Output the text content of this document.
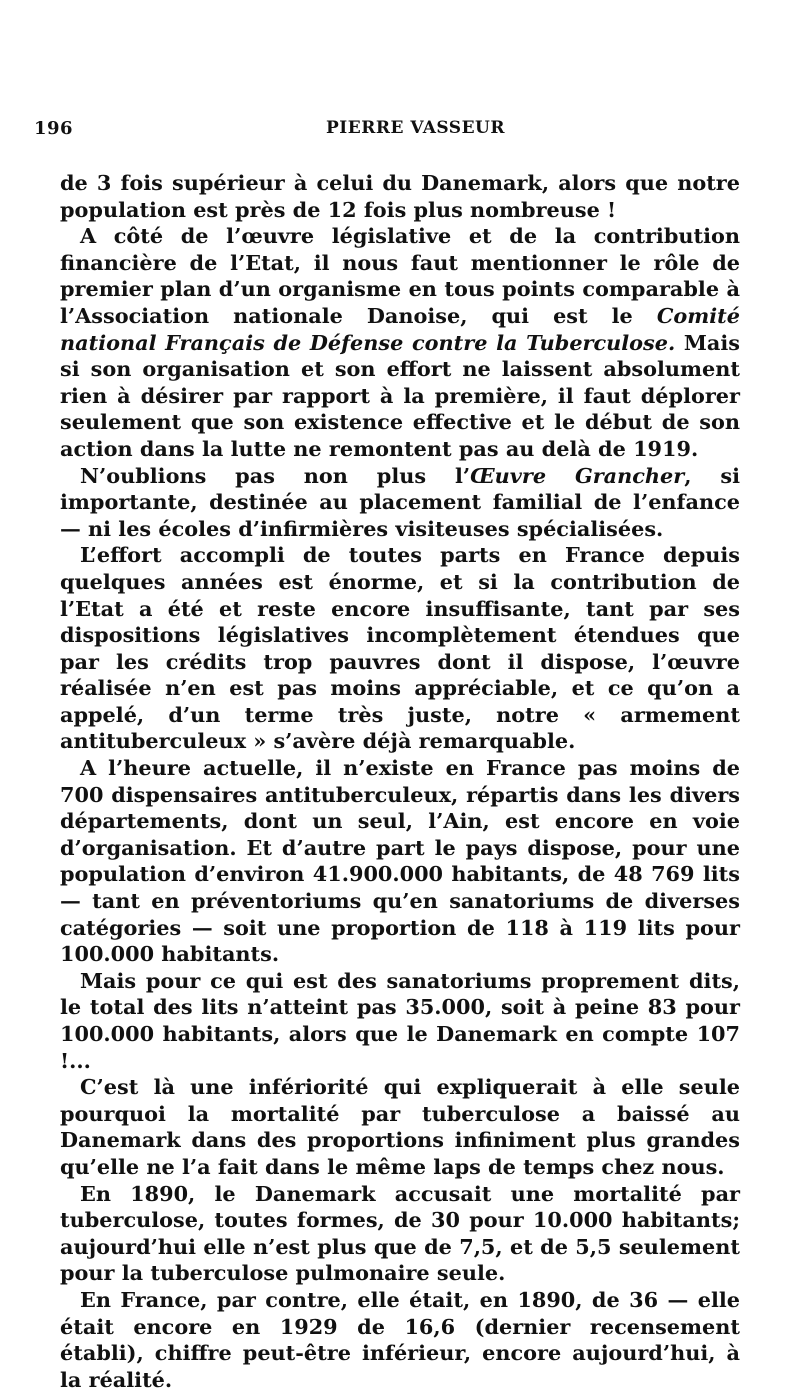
196	PIERRE VASSEUR

de 3 fois supérieur à celui du Danemark, alors que notre population est près de 12 fois plus nombreuse !

A côté de l’œuvre législative et de la contribution financière de l’Etat, il nous faut mentionner le rôle de premier plan d’un organisme en tous points comparable à l’Association nationale Danoise, qui est le Comité national Français de Défense contre la Tuberculose. Mais si son organisation et son effort ne laissent absolument rien à désirer par rapport à la première, il faut déplorer seulement que son existence effective et le début de son action dans la lutte ne remontent pas au delà de 1919.

N’oublions pas non plus l’Œuvre Grancher, si importante, destinée au placement familial de l’enfance — ni les écoles d’infirmières visiteuses spécialisées.

L’effort accompli de toutes parts en France depuis quelques années est énorme, et si la contribution de l’Etat a été et reste encore insuffisante, tant par ses dispositions législatives incomplètement étendues que par les crédits trop pauvres dont il dispose, l’œuvre réalisée n’en est pas moins appréciable, et ce qu’on a appelé, d’un terme très juste, notre « armement antituberculeux » s’avère déjà remarquable.

A l’heure actuelle, il n’existe en France pas moins de 700 dispensaires antituberculeux, répartis dans les divers départements, dont un seul, l’Ain, est encore en voie d’organisation. Et d’autre part le pays dispose, pour une population d’environ 41.900.000 habitants, de 48 769 lits — tant en préventoriums qu’en sanatoriums de diverses catégories — soit une proportion de 118 à 119 lits pour 100.000 habitants.

Mais pour ce qui est des sanatoriums proprement dits, le total des lits n’atteint pas 35.000, soit à peine 83 pour 100.000 habitants, alors que le Danemark en compte 107 !...

C’est là une infériorité qui expliquerait à elle seule pourquoi la mortalité par tuberculose a baissé au Danemark dans des proportions infiniment plus grandes qu’elle ne l’a fait dans le même laps de temps chez nous.

En 1890, le Danemark accusait une mortalité par tuberculose, toutes formes, de 30 pour 10.000 habitants; aujourd’hui elle n’est plus que de 7,5, et de 5,5 seulement pour la tuberculose pulmonaire seule.

En France, par contre, elle était, en 1890, de 36 — elle était encore en 1929 de 16,6 (dernier recensement établi), chiffre peut-être inférieur, encore aujourd’hui, à la réalité.
